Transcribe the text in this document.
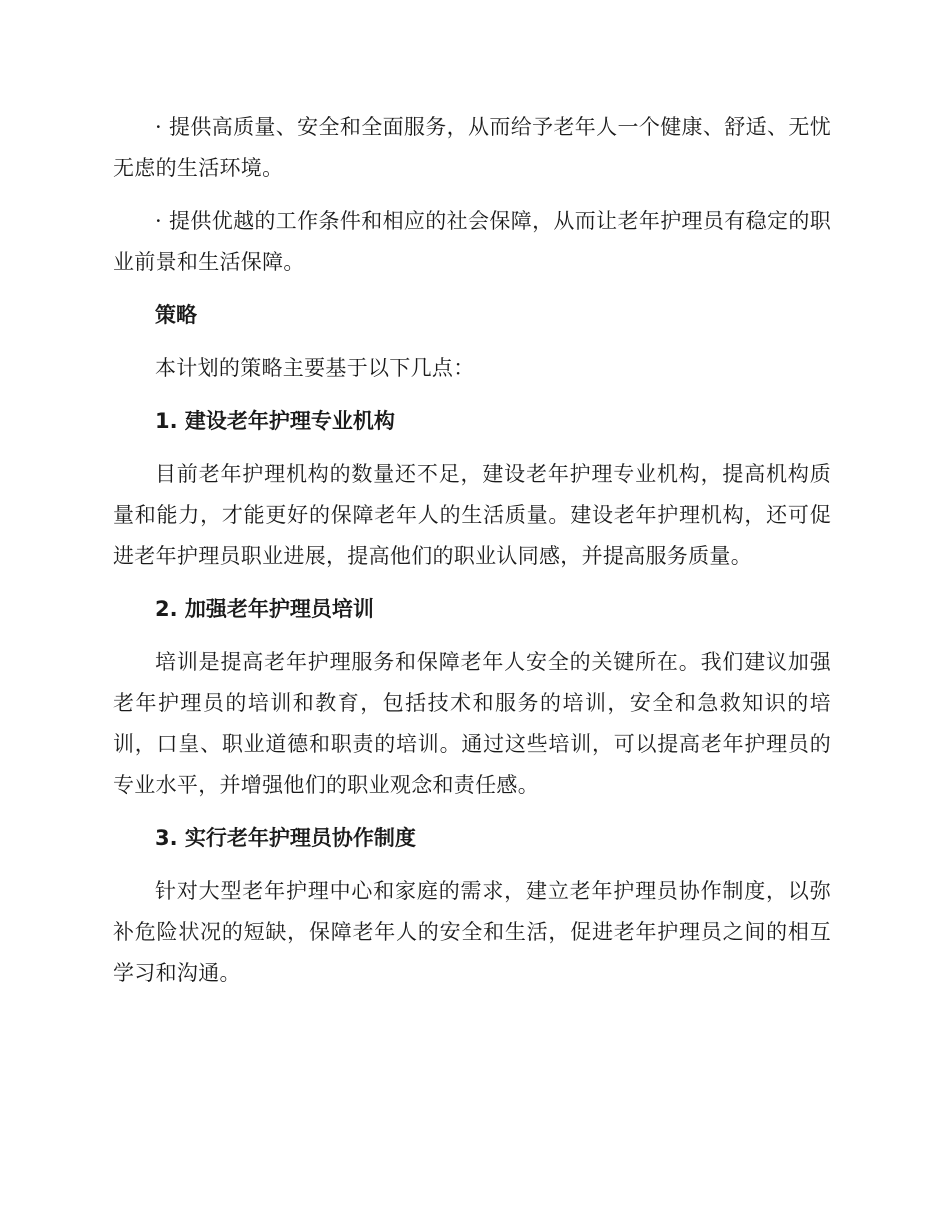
· 提供高质量、安全和全面服务，从而给予老年人一个健康、舒适、无忧无虑的生活环境。

· 提供优越的工作条件和相应的社会保障，从而让老年护理员有稳定的职业前景和生活保障。

策略

本计划的策略主要基于以下几点：

1. 建设老年护理专业机构

目前老年护理机构的数量还不足，建设老年护理专业机构，提高机构质量和能力，才能更好的保障老年人的生活质量。建设老年护理机构，还可促进老年护理员职业进展，提高他们的职业认同感，并提高服务质量。

2. 加强老年护理员培训

培训是提高老年护理服务和保障老年人安全的关键所在。我们建议加强老年护理员的培训和教育，包括技术和服务的培训，安全和急救知识的培训，口皇、职业道德和职责的培训。通过这些培训，可以提高老年护理员的专业水平，并增强他们的职业观念和责任感。

3. 实行老年护理员协作制度

针对大型老年护理中心和家庭的需求，建立老年护理员协作制度，以弥补危险状况的短缺，保障老年人的安全和生活，促进老年护理员之间的相互学习和沟通。
